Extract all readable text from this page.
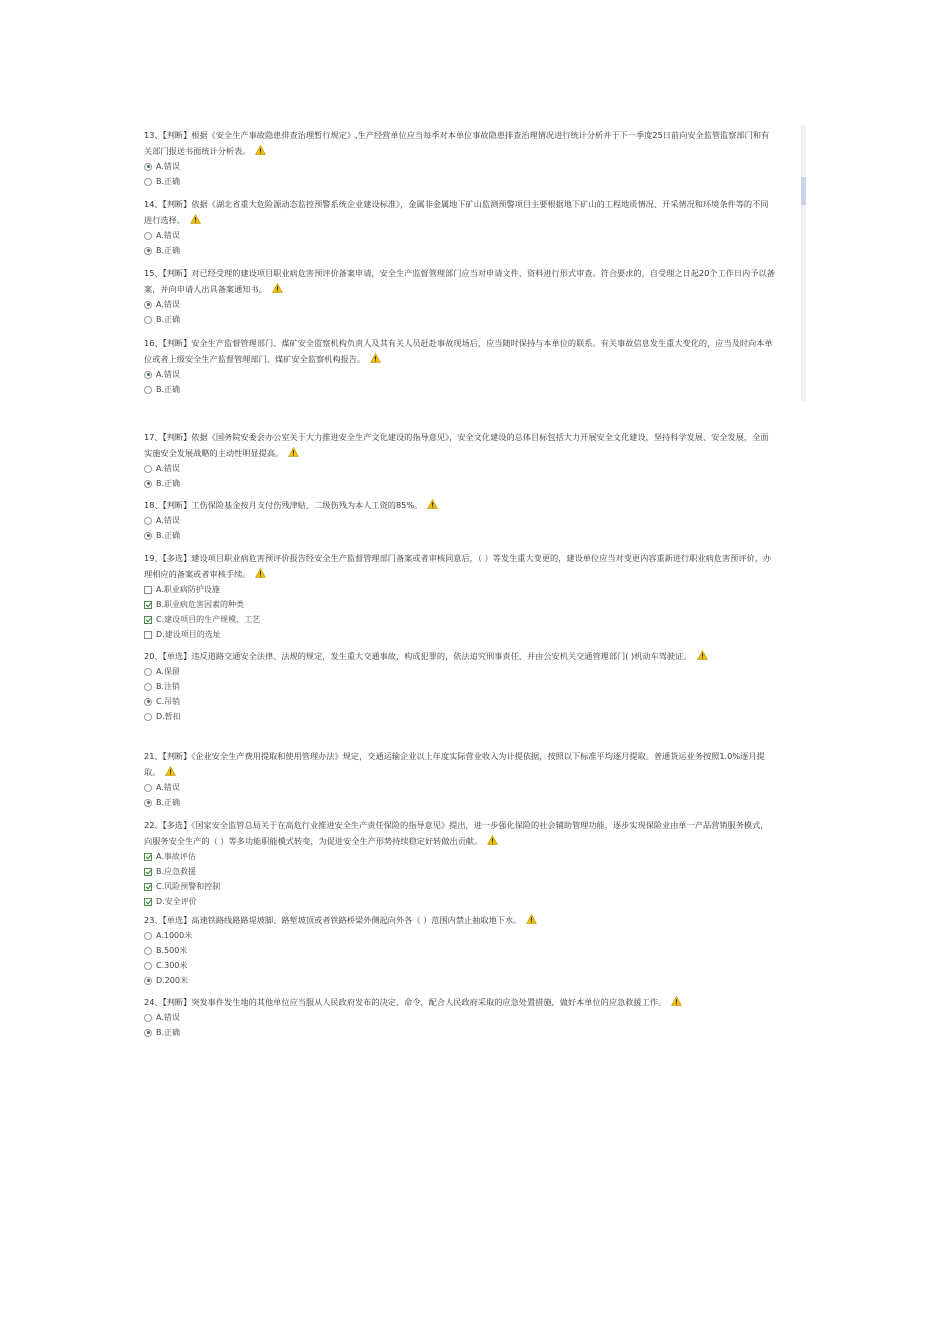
13、【判断】根据《安全生产事故隐患排查治理暂行规定》,生产经营单位应当每季对本单位事故隐患排查治理情况进行统计分析并于下一季度25日前向安全监管监察部门和有关部门报送书面统计分析表。
A.错误
B.正确
14、【判断】依据《湖北省重大危险源动态监控预警系统企业建设标准》，金属非金属地下矿山监测预警项目主要根据地下矿山的工程地质情况、开采情况和环境条件等的不同进行选择。
A.错误
B.正确
15、【判断】对已经受理的建设项目职业病危害预评价备案申请，安全生产监督管理部门应当对申请文件、资料进行形式审查。符合要求的，自受理之日起20个工作日内予以备案，并向申请人出具备案通知书。
A.错误
B.正确
16、【判断】安全生产监督管理部门、煤矿安全监察机构负责人及其有关人员赶赴事故现场后，应当随时保持与本单位的联系。有关事故信息发生重大变化的，应当及时向本单位或者上级安全生产监督管理部门、煤矿安全监察机构报告。
A.错误
B.正确
17、【判断】依据《国务院安委会办公室关于大力推进安全生产文化建设的指导意见》，安全文化建设的总体目标包括大力开展安全文化建设，坚持科学发展、安全发展，全面实施安全发展战略的主动性明显提高。
A.错误
B.正确
18、【判断】工伤保险基金按月支付伤残津贴，二级伤残为本人工资的85%。
A.错误
B.正确
19、【多选】建设项目职业病危害预评价报告经安全生产监督管理部门备案或者审核同意后，（ ）等发生重大变更的，建设单位应当对变更内容重新进行职业病危害预评价，办理相应的备案或者审核手续。
A.职业病防护设施
B.职业病危害因素的种类
C.建设项目的生产规模、工艺
D.建设项目的选址
20、【单选】违反道路交通安全法律、法规的规定，发生重大交通事故，构成犯罪的，依法追究刑事责任，并由公安机关交通管理部门( )机动车驾驶证。
A.保留
B.注销
C.吊销
D.暂扣
21、【判断】《企业安全生产费用提取和使用管理办法》规定，交通运输企业以上年度实际营业收入为计提依据，按照以下标准平均逐月提取。普通货运业务按照1.0%逐月提取。
A.错误
B.正确
22、【多选】《国家安全监管总局关于在高危行业推进安全生产责任保险的指导意见》提出，进一步强化保险的社会辅助管理功能，逐步实现保险业由单一产品营销服务模式，向服务安全生产的（ ）等多功能职能模式转变，为促进安全生产形势持续稳定好转做出贡献。
A.事故评估
B.应急救援
C.风险预警和控制
D.安全评价
23、【单选】高速铁路线路路堤坡脚、路堑坡顶或者铁路桥梁外侧起向外各（ ）范围内禁止抽取地下水。
A.1000米
B.500米
C.300米
D.200米
24、【判断】突发事件发生地的其他单位应当服从人民政府发布的决定、命令，配合人民政府采取的应急处置措施，做好本单位的应急救援工作。
A.错误
B.正确
